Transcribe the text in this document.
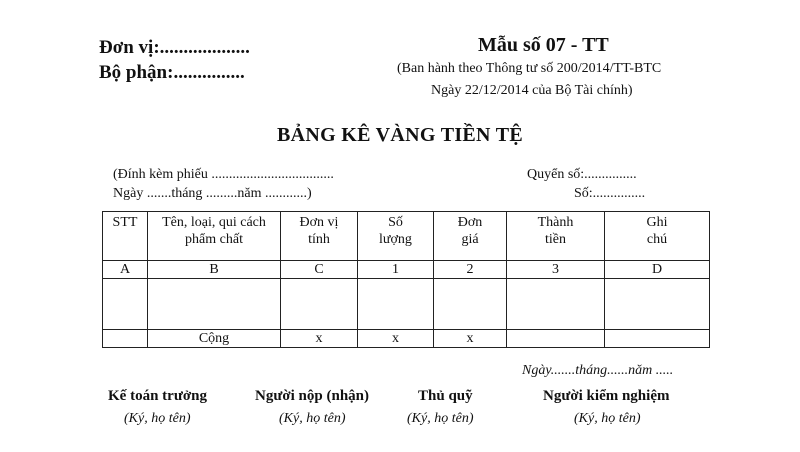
Đơn vị:...................
Bộ phận:...............
Mẫu số 07 - TT
(Ban hành theo Thông tư số 200/2014/TT-BTC
Ngày 22/12/2014 của Bộ Tài chính)
BẢNG KÊ VÀNG TIỀN TỆ
(Đính kèm phiếu ...................................
Ngày .......tháng .........năm ............)
Quyển số:...............
Số:...............
STT	Tên, loại, qui cách phẩm chất	Đơn vị tính	Số lượng	Đơn giá	Thành tiền	Ghi chú
A	B	C	1	2	3	D

	Cộng	x	x	x		
Ngày.......tháng......năm .....
Kế toán trưởng
(Ký, họ tên)
Người nộp (nhận)
(Ký, họ tên)
Thủ quỹ
(Ký, họ tên)
Người kiểm nghiệm
(Ký, họ tên)
